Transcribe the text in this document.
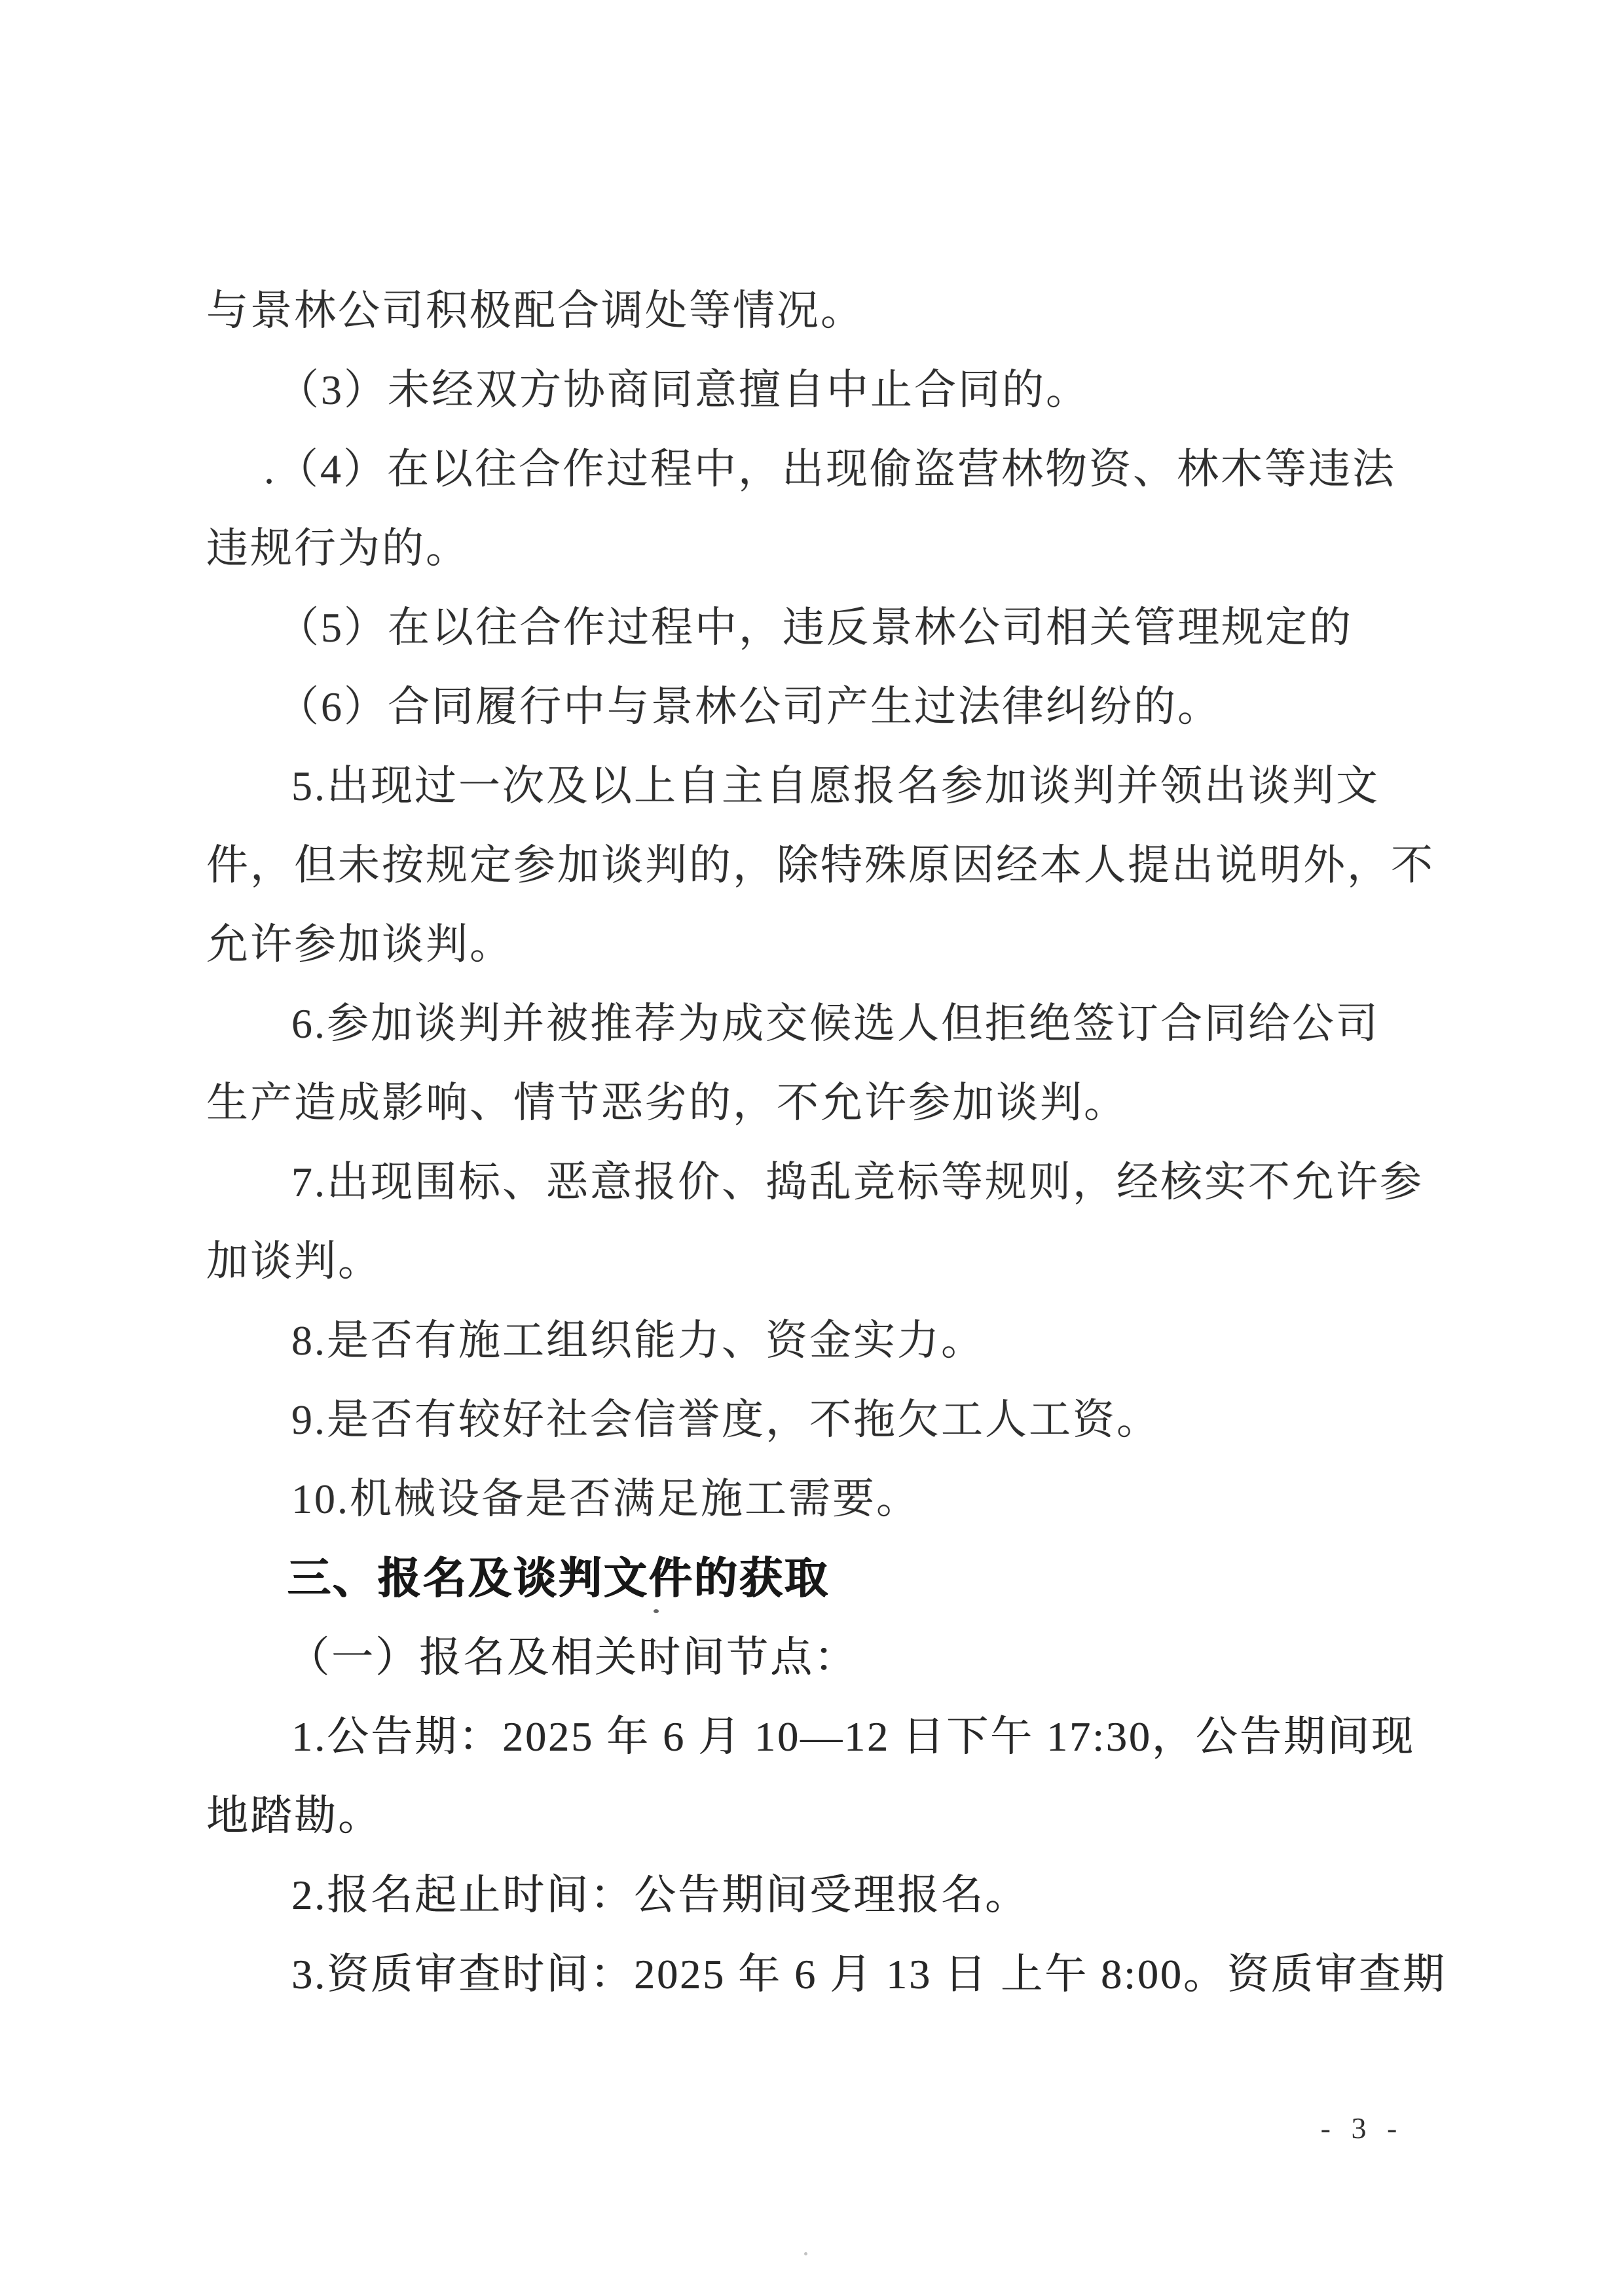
与景林公司积极配合调处等情况。
（3）未经双方协商同意擅自中止合同的。
.（4）在以往合作过程中，出现偷盗营林物资、林木等违法
违规行为的。
（5）在以往合作过程中，违反景林公司相关管理规定的
（6）合同履行中与景林公司产生过法律纠纷的。
5.出现过一次及以上自主自愿报名参加谈判并领出谈判文
件，但未按规定参加谈判的，除特殊原因经本人提出说明外，不
允许参加谈判。
6.参加谈判并被推荐为成交候选人但拒绝签订合同给公司
生产造成影响、情节恶劣的，不允许参加谈判。
7.出现围标、恶意报价、捣乱竞标等规则，经核实不允许参
加谈判。
8.是否有施工组织能力、资金实力。
9.是否有较好社会信誉度，不拖欠工人工资。
10.机械设备是否满足施工需要。
三、报名及谈判文件的获取
（一）报名及相关时间节点：
1.公告期：2025 年 6 月 10—12 日下午 17:30，公告期间现
地踏勘。
2.报名起止时间：公告期间受理报名。
3.资质审查时间：2025 年 6 月 13 日 上午 8:00。资质审查期
- 3 -
